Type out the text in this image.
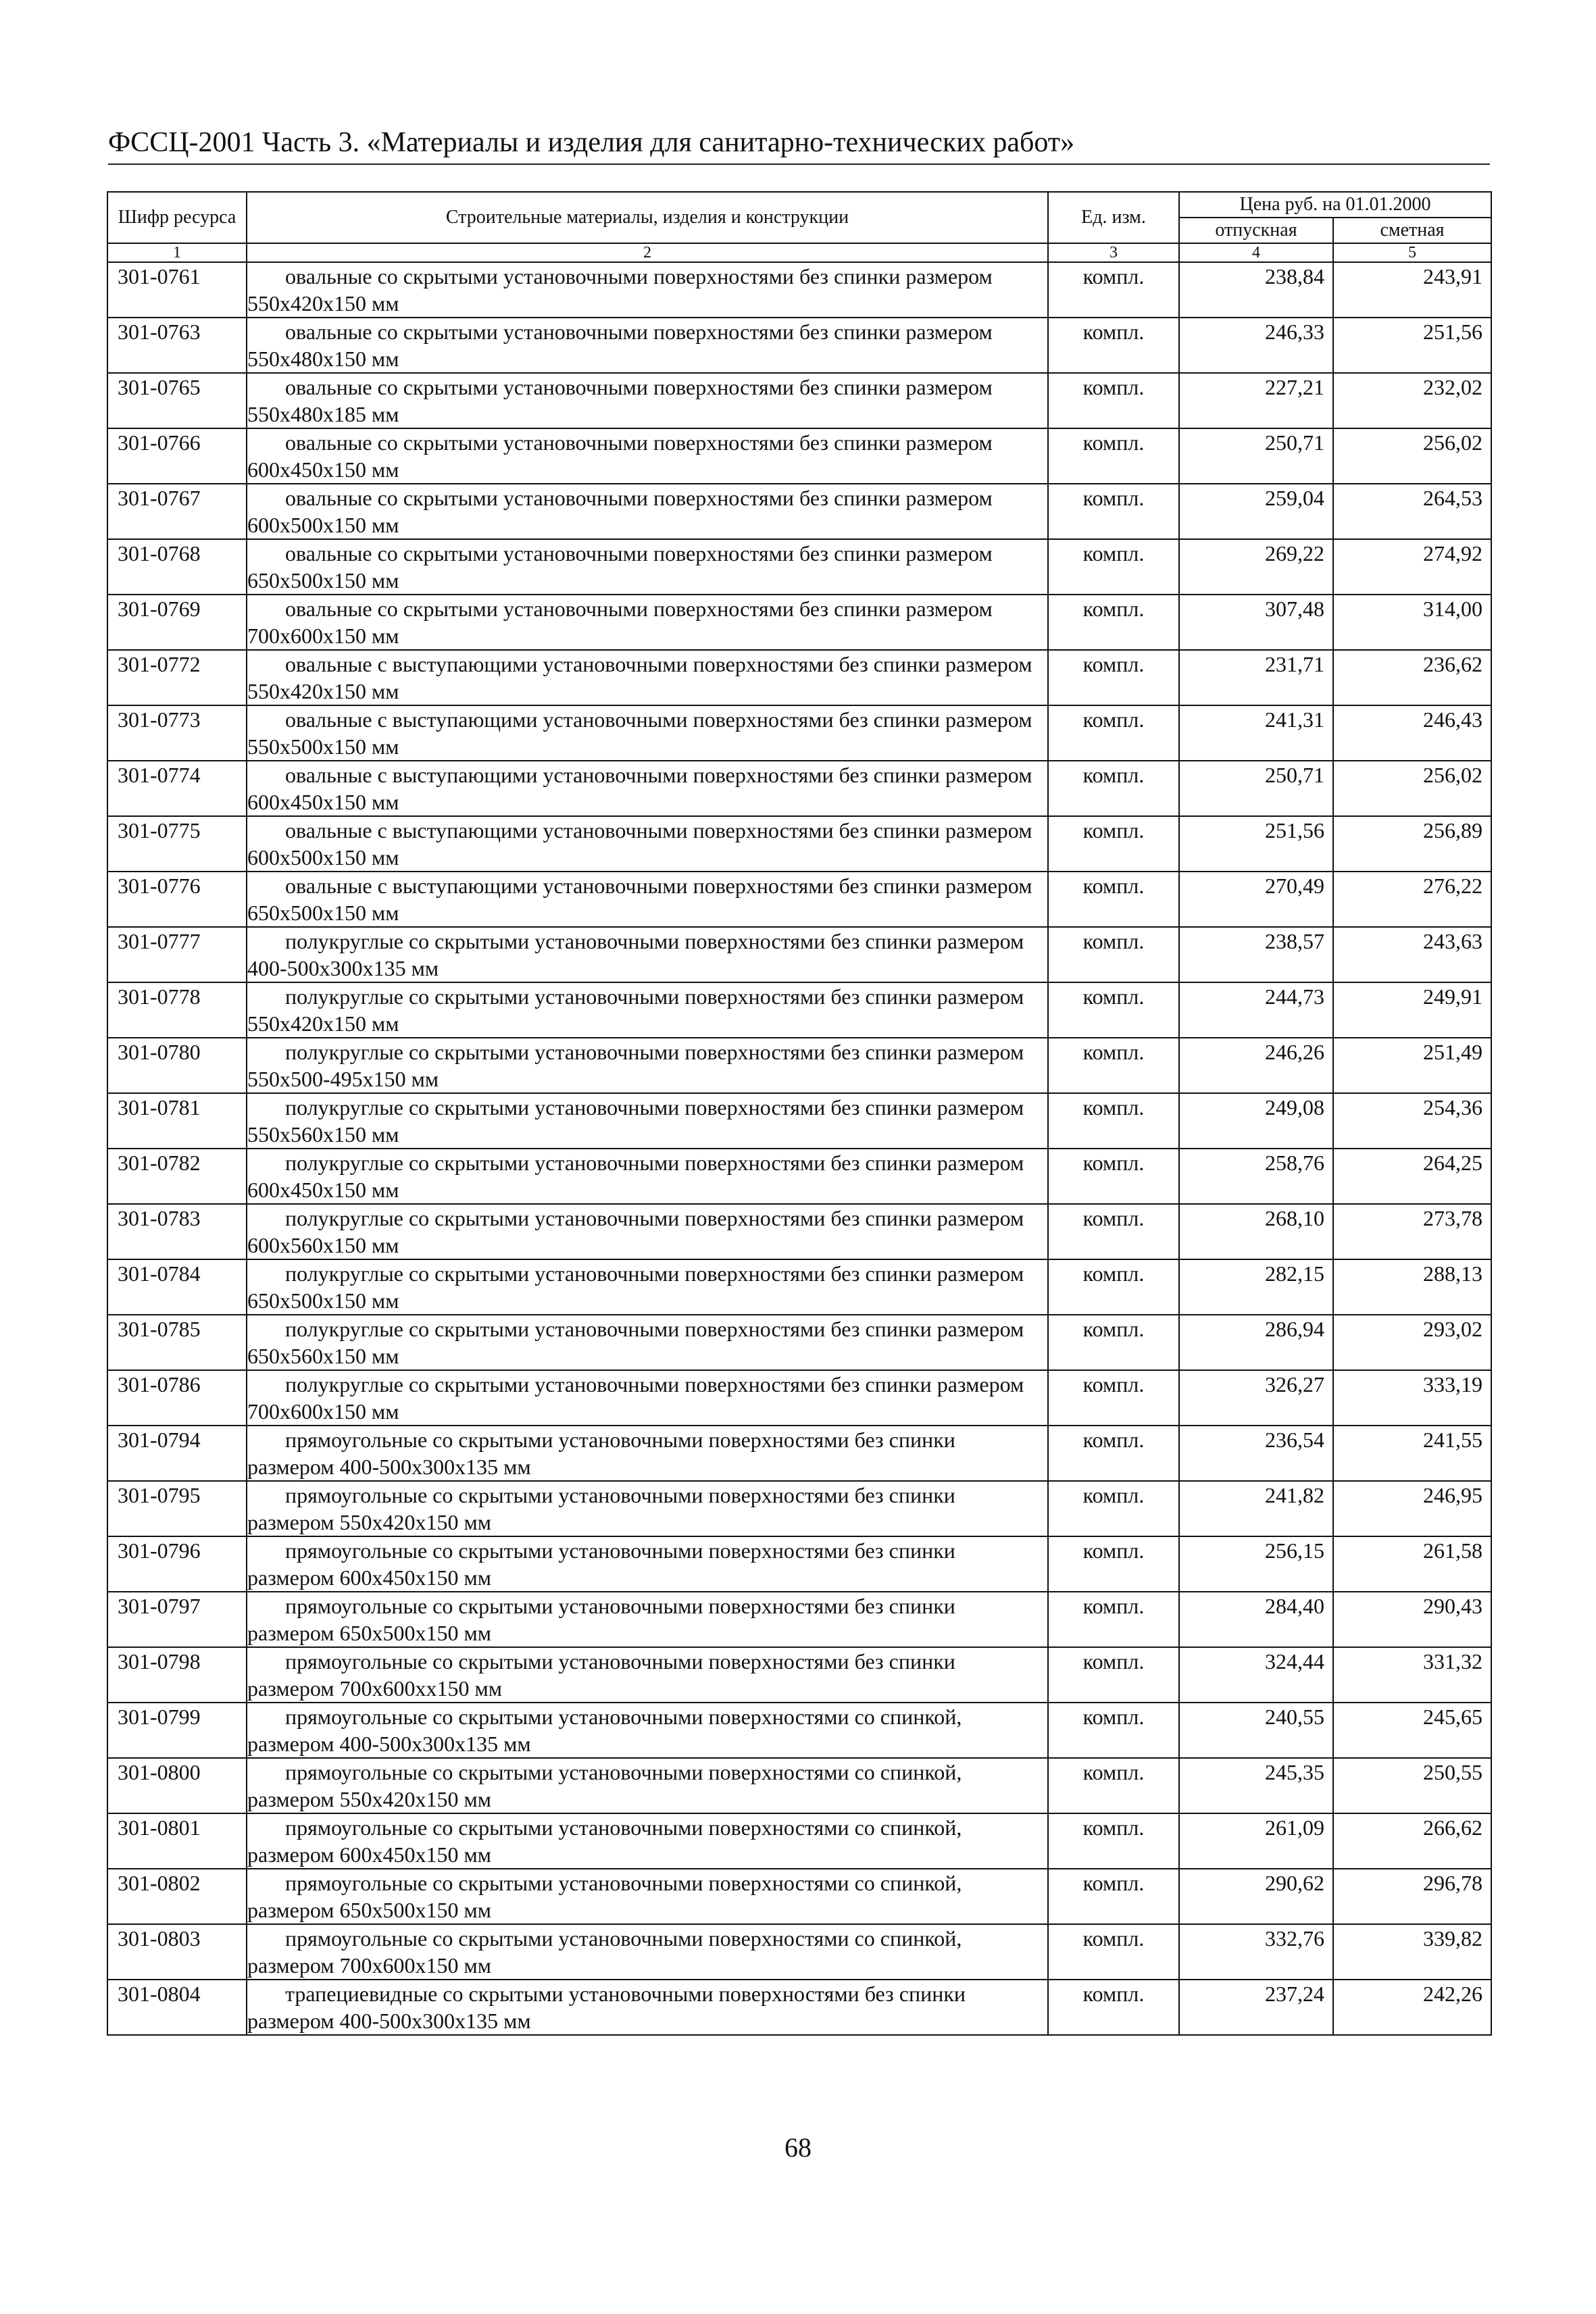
ФССЦ-2001 Часть 3. «Материалы и изделия для санитарно-технических работ»
Шифр ресурса	Строительные материалы, изделия и конструкции	Ед. изм.	Цена руб. на 01.01.2000	
			отпускная	сметная
1	2	3	4	5
301-0761	овальные со скрытыми установочными поверхностями без спинки размером 550x420x150 мм	компл.	238,84	243,91
301-0763	овальные со скрытыми установочными поверхностями без спинки размером 550x480x150 мм	компл.	246,33	251,56
301-0765	овальные со скрытыми установочными поверхностями без спинки размером 550x480x185 мм	компл.	227,21	232,02
301-0766	овальные со скрытыми установочными поверхностями без спинки размером 600x450x150 мм	компл.	250,71	256,02
301-0767	овальные со скрытыми установочными поверхностями без спинки размером 600x500x150 мм	компл.	259,04	264,53
301-0768	овальные со скрытыми установочными поверхностями без спинки размером 650x500x150 мм	компл.	269,22	274,92
301-0769	овальные со скрытыми установочными поверхностями без спинки размером 700x600x150 мм	компл.	307,48	314,00
301-0772	овальные с выступающими установочными поверхностями без спинки размером 550x420x150 мм	компл.	231,71	236,62
301-0773	овальные с выступающими установочными поверхностями без спинки размером 550x500x150 мм	компл.	241,31	246,43
301-0774	овальные с выступающими установочными поверхностями без спинки размером 600x450x150 мм	компл.	250,71	256,02
301-0775	овальные с выступающими установочными поверхностями без спинки размером 600x500x150 мм	компл.	251,56	256,89
301-0776	овальные с выступающими установочными поверхностями без спинки размером 650x500x150 мм	компл.	270,49	276,22
301-0777	полукруглые со скрытыми установочными поверхностями без спинки размером 400-500x300x135 мм	компл.	238,57	243,63
301-0778	полукруглые со скрытыми установочными поверхностями без спинки размером 550x420x150 мм	компл.	244,73	249,91
301-0780	полукруглые со скрытыми установочными поверхностями без спинки размером 550x500-495x150 мм	компл.	246,26	251,49
301-0781	полукруглые со скрытыми установочными поверхностями без спинки размером 550x560x150 мм	компл.	249,08	254,36
301-0782	полукруглые со скрытыми установочными поверхностями без спинки размером 600x450x150 мм	компл.	258,76	264,25
301-0783	полукруглые со скрытыми установочными поверхностями без спинки размером 600x560x150 мм	компл.	268,10	273,78
301-0784	полукруглые со скрытыми установочными поверхностями без спинки размером 650x500x150 мм	компл.	282,15	288,13
301-0785	полукруглые со скрытыми установочными поверхностями без спинки размером 650x560x150 мм	компл.	286,94	293,02
301-0786	полукруглые со скрытыми установочными поверхностями без спинки размером 700x600x150 мм	компл.	326,27	333,19
301-0794	прямоугольные со скрытыми установочными поверхностями без спинки размером 400-500x300x135 мм	компл.	236,54	241,55
301-0795	прямоугольные со скрытыми установочными поверхностями без спинки размером 550x420x150 мм	компл.	241,82	246,95
301-0796	прямоугольные со скрытыми установочными поверхностями без спинки размером 600x450x150 мм	компл.	256,15	261,58
301-0797	прямоугольные со скрытыми установочными поверхностями без спинки размером 650x500x150 мм	компл.	284,40	290,43
301-0798	прямоугольные со скрытыми установочными поверхностями без спинки размером 700x600xx150 мм	компл.	324,44	331,32
301-0799	прямоугольные со скрытыми установочными поверхностями со спинкой, размером 400-500x300x135 мм	компл.	240,55	245,65
301-0800	прямоугольные со скрытыми установочными поверхностями со спинкой, размером 550x420x150 мм	компл.	245,35	250,55
301-0801	прямоугольные со скрытыми установочными поверхностями со спинкой, размером 600x450x150 мм	компл.	261,09	266,62
301-0802	прямоугольные со скрытыми установочными поверхностями со спинкой, размером 650x500x150 мм	компл.	290,62	296,78
301-0803	прямоугольные со скрытыми установочными поверхностями со спинкой, размером 700x600x150 мм	компл.	332,76	339,82
301-0804	трапециевидные со скрытыми установочными поверхностями без спинки размером 400-500x300x135 мм	компл.	237,24	242,26
68
